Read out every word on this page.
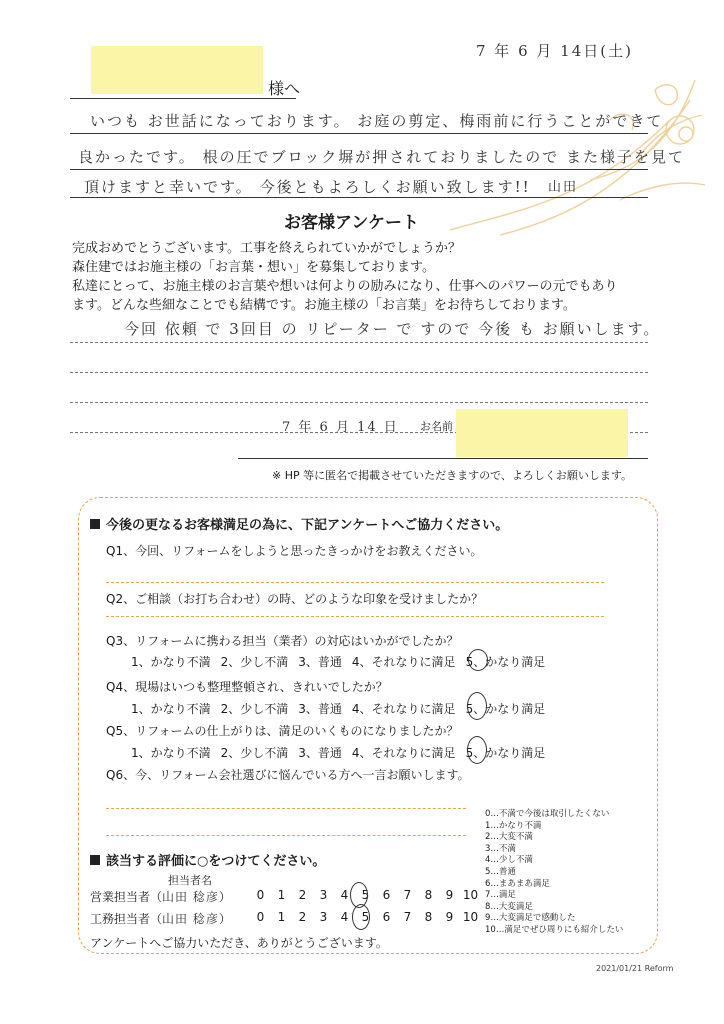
7 年 6 月 14日(土)
様へ
いつも お世話になっております。 お庭の剪定、梅雨前に行うことができて
良かったです。 根の圧でブロック塀が押されておりましたので また様子を見て
頂けますと幸いです。 今後ともよろしくお願い致します!! 山田
お客様アンケート
完成おめでとうございます。工事を終えられていかがでしょうか？
森住建ではお施主様の「お言葉・想い」を募集しております。
私達にとって、お施主様のお言葉や想いは何よりの励みになり、仕事へのパワーの元でもあり
ます。どんな些細なことでも結構です。お施主様の「お言葉」をお待ちしております。
今回 依頼 で 3回目 の リピーター で すので 今後 も お願いします。
7 年 6 月 14 日 お名前
※ HP 等に匿名で掲載させていただきますので、よろしくお願いします。
今後の更なるお客様満足の為に、下記アンケートへご協力ください。
Q1、今回、リフォームをしようと思ったきっかけをお教えください。
Q2、ご相談（お打ち合わせ）の時、どのような印象を受けましたか？
Q3、リフォームに携わる担当（業者）の対応はいかがでしたか？
1、かなり不満 2、少し不満 3、普通 4、それなりに満足 5、かなり満足
Q4、現場はいつも整理整頓され、きれいでしたか？
1、かなり不満 2、少し不満 3、普通 4、それなりに満足 5、かなり満足
Q5、リフォームの仕上がりは、満足のいくものになりましたか？
1、かなり不満 2、少し不満 3、普通 4、それなりに満足 5、かなり満足
Q6、今、リフォーム会社選びに悩んでいる方へ一言お願いします。
0…不満で今後は取引したくない
1…かなり不満
2…大変不満
3…不満
4…少し不満
5…普通
6…まあまあ満足
7…満足
8…大変満足
9…大変満足で感動した
10…満足でぜひ周りにも紹介したい
該当する評価に○をつけてください。
担当者名
営業担当者（山田 稔彦）	0 1 2 3 4 5 6 7 8 9 10
工務担当者（山田 稔彦）	0 1 2 3 4 5 6 7 8 9 10
アンケートへご協力いただき、ありがとうございます。
2021/01/21 Reform
